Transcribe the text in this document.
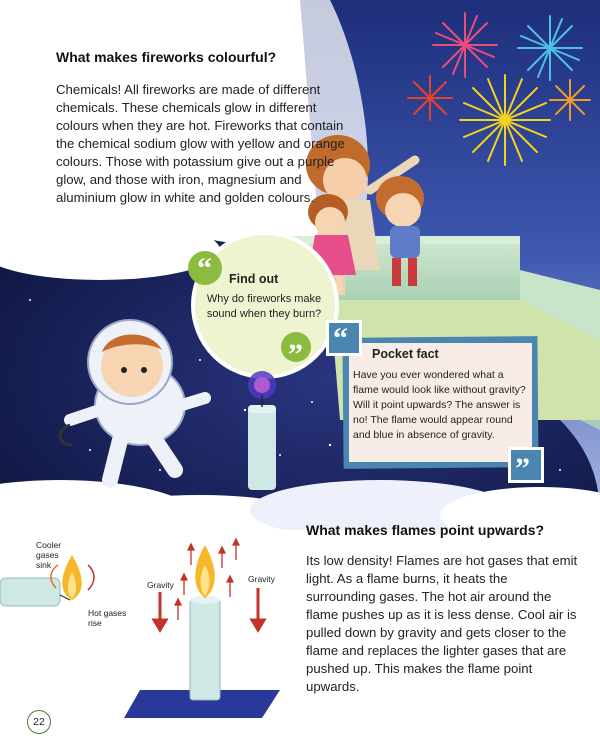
“
” “
”
What makes fireworks colourful?
Chemicals! All fireworks are made of different chemicals. These chemicals glow in different colours when they are hot. Fireworks that contain the chemical sodium glow with yellow and orange colours. Those with potassium give out a purple glow, and those with iron, magnesium and aluminium glow in white and golden colours.
Find out
Why do fireworks make sound when they burn?
Pocket fact
Have you ever wondered what a flame would look like without gravity? Will it point upwards? The answer is no! The flame would appear round and blue in absence of gravity.
What makes flames point upwards?
Its low density! Flames are hot gases that emit light. As a flame burns, it heats the surrounding gases. The hot air around the flame pushes up as it is less dense. Cool air is pulled down by gravity and gets closer to the flame and replaces the lighter gases that are pushed up. This makes the flame point upwards.
Cooler gases sink
Hot gases rise
Gravity
Gravity
22
